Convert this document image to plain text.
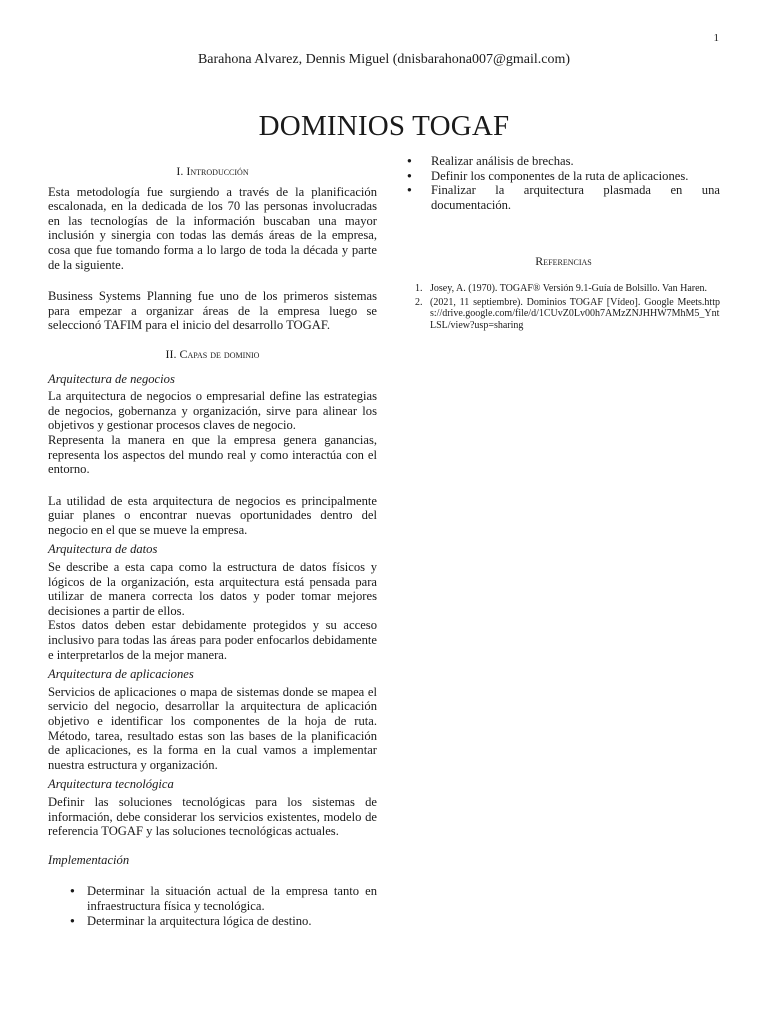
1
Barahona Alvarez, Dennis Miguel (dnisbarahona007@gmail.com)
DOMINIOS TOGAF

I. Introducción

Esta metodología fue surgiendo a través de la planificación escalonada, en la dedicada de los 70 las personas involucradas en las tecnologías de la información buscaban una mayor inclusión y sinergia con todas las demás áreas de la empresa, cosa que fue tomando forma a lo largo de toda la década y parte de la siguiente.

Business Systems Planning fue uno de los primeros sistemas para empezar a organizar áreas de la empresa luego se seleccionó TAFIM para el inicio del desarrollo TOGAF.

II. Capas de dominio

Arquitectura de negocios

La arquitectura de negocios o empresarial define las estrategias de negocios, gobernanza y organización, sirve para alinear los objetivos y gestionar procesos claves de negocio.

Representa la manera en que la empresa genera ganancias, representa los aspectos del mundo real y como interactúa con el entorno.

La utilidad de esta arquitectura de negocios es principalmente guiar planes o encontrar nuevas oportunidades dentro del negocio en el que se mueve la empresa.

Arquitectura de datos

Se describe a esta capa como la estructura de datos físicos y lógicos de la organización, esta arquitectura está pensada para utilizar de manera correcta los datos y poder tomar mejores decisiones a partir de ellos.

Estos datos deben estar debidamente protegidos y su acceso inclusivo para todas las áreas para poder enfocarlos debidamente e interpretarlos de la mejor manera.

Arquitectura de aplicaciones

Servicios de aplicaciones o mapa de sistemas donde se mapea el servicio del negocio, desarrollar la arquitectura de aplicación objetivo e identificar los componentes de la hoja de ruta. Método, tarea, resultado estas son las bases de la planificación de aplicaciones, es la forma en la cual vamos a implementar nuestra estructura y organización.

Arquitectura tecnológica

Definir las soluciones tecnológicas para los sistemas de información, debe considerar los servicios existentes, modelo de referencia TOGAF y las soluciones tecnológicas actuales.

Implementación

● Determinar la situación actual de la empresa tanto en infraestructura física y tecnológica.
● Determinar la arquitectura lógica de destino.
● Realizar análisis de brechas.
● Definir los componentes de la ruta de aplicaciones.
● Finalizar la arquitectura plasmada en una documentación.

Referencias

1. Josey, A. (1970). TOGAF® Versión 9.1-Guía de Bolsillo. Van Haren.
2. (2021, 11 septiembre). Dominios TOGAF [Vídeo]. Google Meets.https://drive.google.com/file/d/1CUvZ0Lv00h7AMzZNJHHW7MhM5_YntLSL/view?usp=sharing
